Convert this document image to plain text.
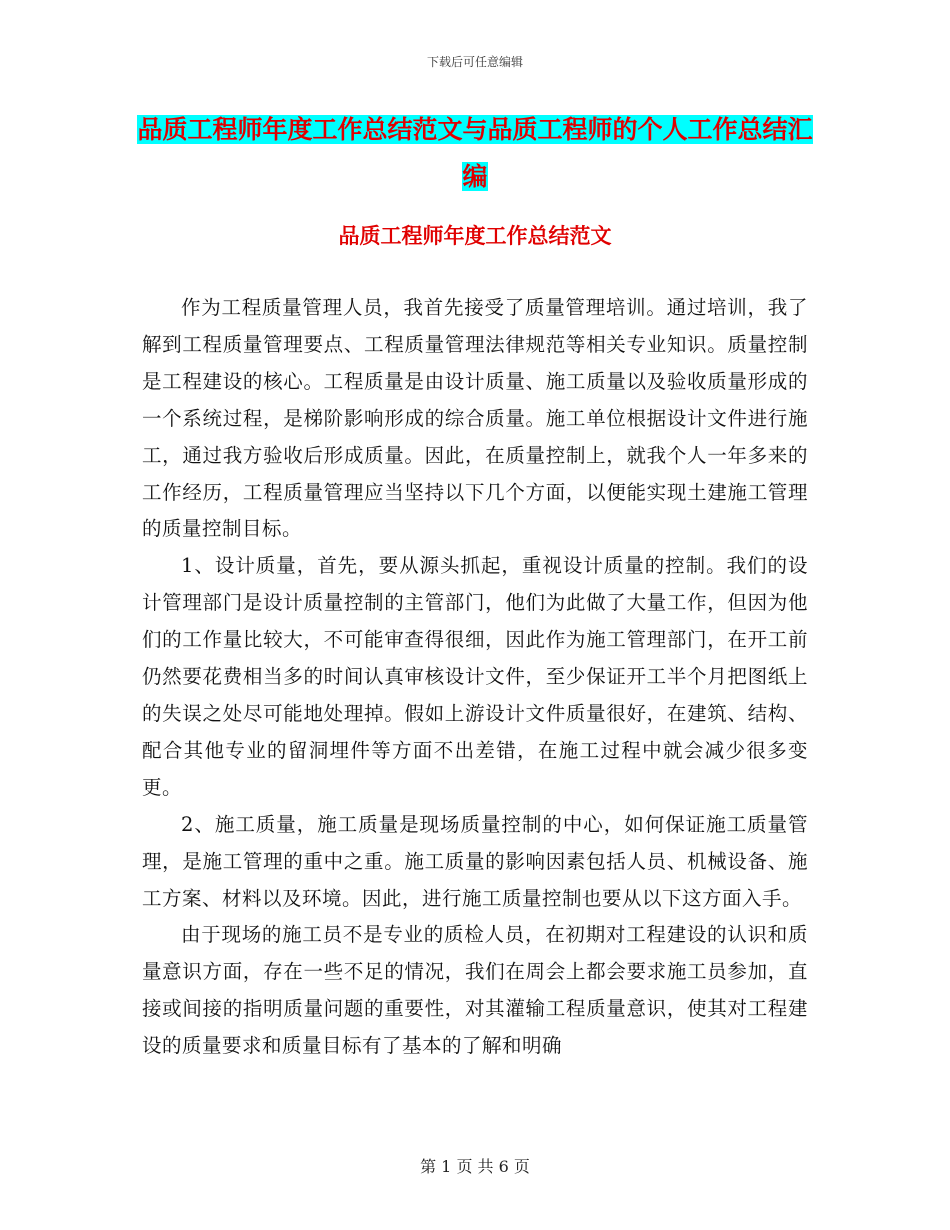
下载后可任意编辑
品质工程师年度工作总结范文与品质工程师的个人工作总结汇编
品质工程师年度工作总结范文

作为工程质量管理人员，我首先接受了质量管理培训。通过培训，我了解到工程质量管理要点、工程质量管理法律规范等相关专业知识。质量控制是工程建设的核心。工程质量是由设计质量、施工质量以及验收质量形成的一个系统过程，是梯阶影响形成的综合质量。施工单位根据设计文件进行施工，通过我方验收后形成质量。因此，在质量控制上，就我个人一年多来的工作经历，工程质量管理应当坚持以下几个方面，以便能实现土建施工管理的质量控制目标。

1、设计质量，首先，要从源头抓起，重视设计质量的控制。我们的设计管理部门是设计质量控制的主管部门，他们为此做了大量工作，但因为他们的工作量比较大，不可能审查得很细，因此作为施工管理部门，在开工前仍然要花费相当多的时间认真审核设计文件，至少保证开工半个月把图纸上的失误之处尽可能地处理掉。假如上游设计文件质量很好，在建筑、结构、配合其他专业的留洞埋件等方面不出差错，在施工过程中就会减少很多变更。

2、施工质量，施工质量是现场质量控制的中心，如何保证施工质量管理，是施工管理的重中之重。施工质量的影响因素包括人员、机械设备、施工方案、材料以及环境。因此，进行施工质量控制也要从以下这方面入手。

由于现场的施工员不是专业的质检人员，在初期对工程建设的认识和质量意识方面，存在一些不足的情况，我们在周会上都会要求施工员参加，直接或间接的指明质量问题的重要性，对其灌输工程质量意识，使其对工程建设的质量要求和质量目标有了基本的了解和明确

第 1 页 共 6 页
